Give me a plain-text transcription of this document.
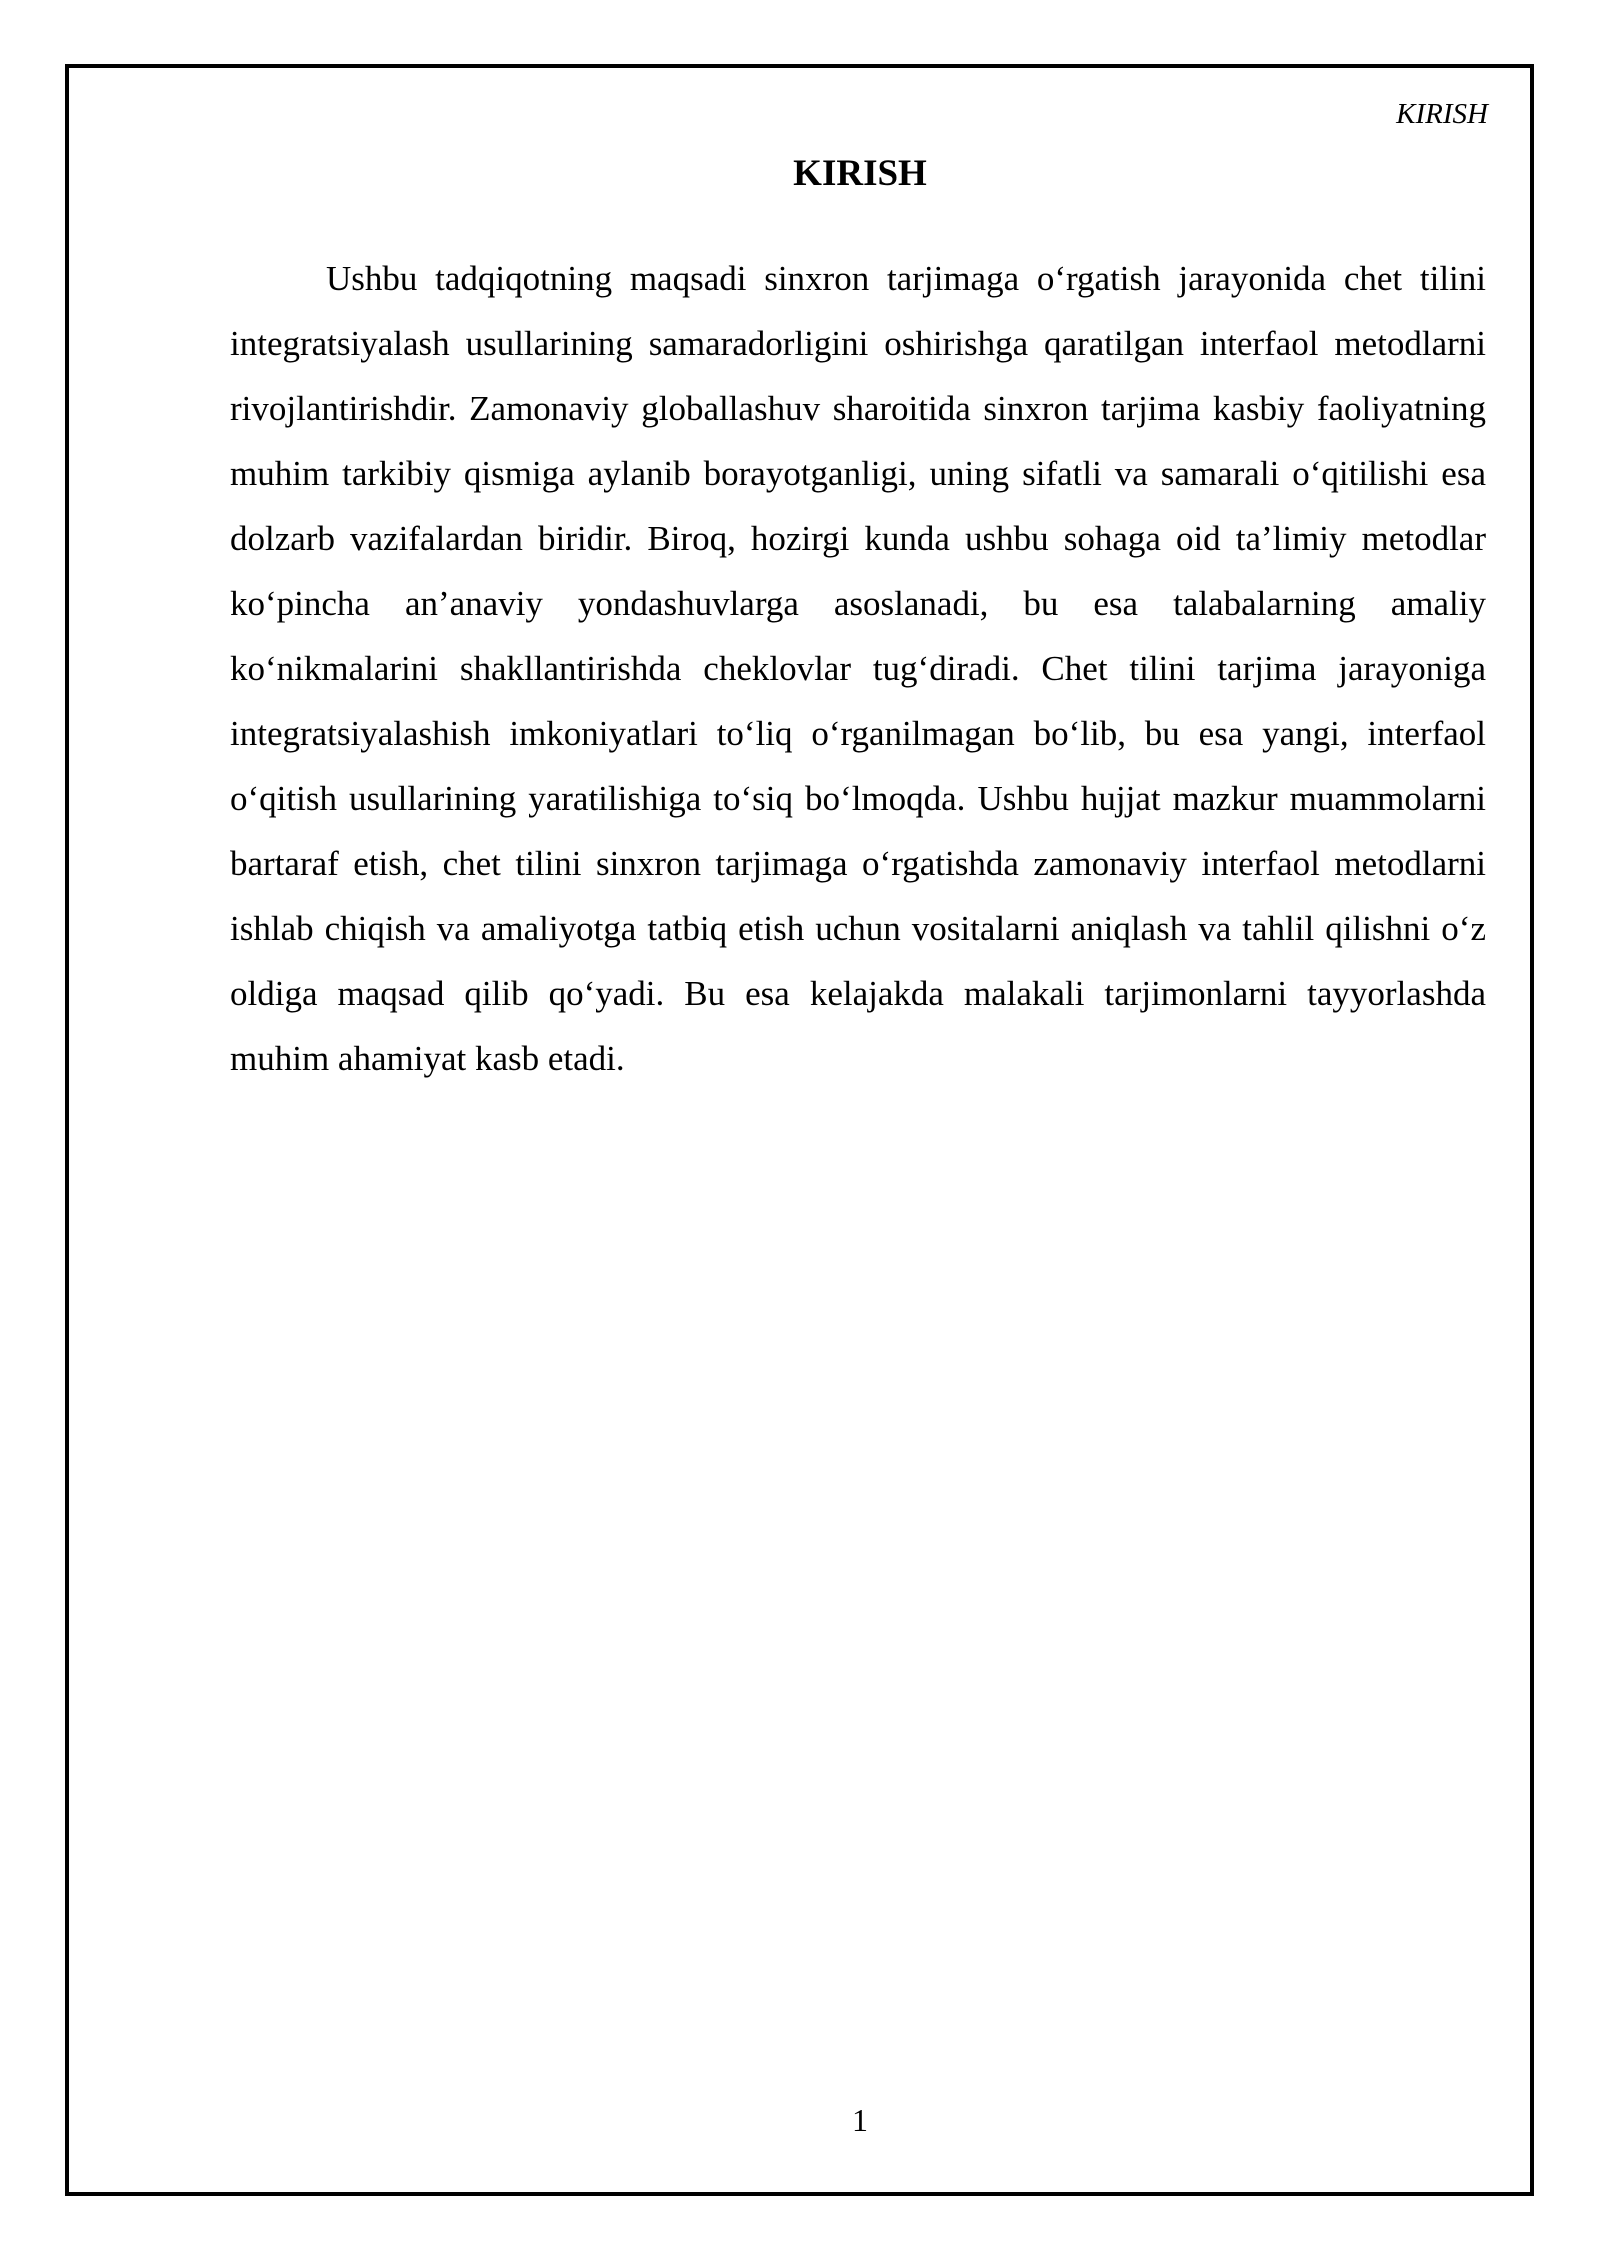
KIRISH
KIRISH

Ushbu tadqiqotning maqsadi sinxron tarjimaga o‘rgatish jarayonida chet tilini integratsiyalash usullarining samaradorligini oshirishga qaratilgan interfaol metodlarni rivojlantirishdir. Zamonaviy globallashuv sharoitida sinxron tarjima kasbiy faoliyatning muhim tarkibiy qismiga aylanib borayotganligi, uning sifatli va samarali o‘qitilishi esa dolzarb vazifalardan biridir. Biroq, hozirgi kunda ushbu sohaga oid ta’limiy metodlar ko‘pincha an’anaviy yondashuvlarga asoslanadi, bu esa talabalarning amaliy ko‘nikmalarini shakllantirishda cheklovlar tug‘diradi. Chet tilini tarjima jarayoniga integratsiyalashish imkoniyatlari to‘liq o‘rganilmagan bo‘lib, bu esa yangi, interfaol o‘qitish usullarining yaratilishiga to‘siq bo‘lmoqda. Ushbu hujjat mazkur muammolarni bartaraf etish, chet tilini sinxron tarjimaga o‘rgatishda zamonaviy interfaol metodlarni ishlab chiqish va amaliyotga tatbiq etish uchun vositalarni aniqlash va tahlil qilishni o‘z oldiga maqsad qilib qo‘yadi. Bu esa kelajakda malakali tarjimonlarni tayyorlashda muhim ahamiyat kasb etadi.

1
